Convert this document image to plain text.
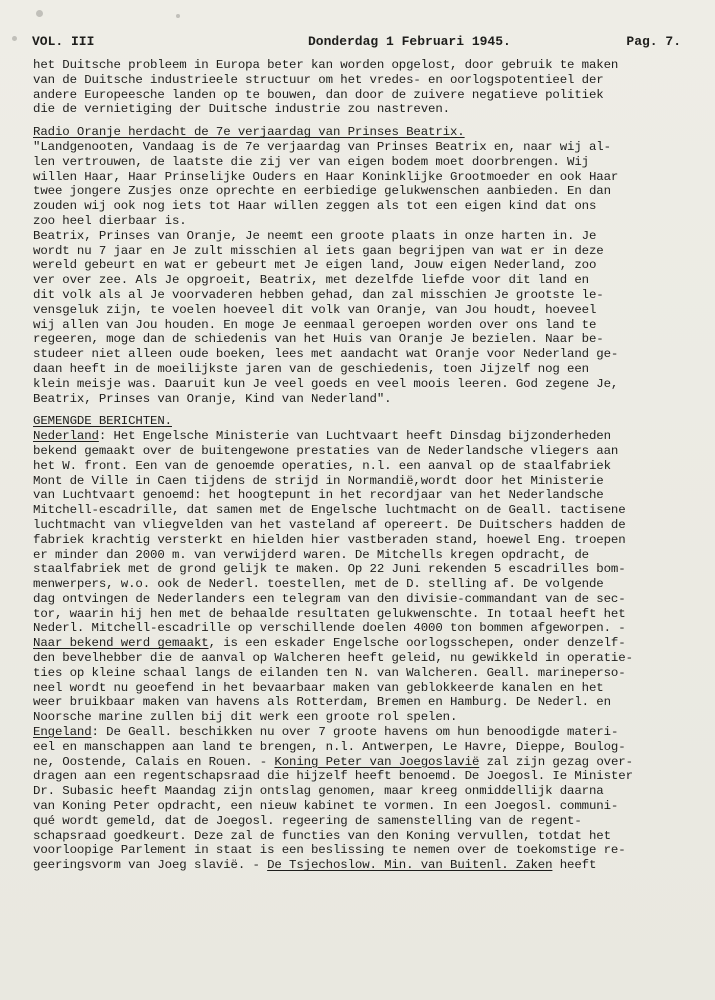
VOL. III	Donderdag 1 Februari 1945.	Pag. 7.
het Duitsche probleem in Europa beter kan worden opgelost, door gebruik te maken
van de Duitsche industrieele structuur om het vredes- en oorlogspotentieel der
andere Europeesche landen op te bouwen, dan door de zuivere negatieve politiek
die de vernietiging der Duitsche industrie zou nastreven.
Radio Oranje herdacht de 7e verjaardag van Prinses Beatrix.
"Landgenooten, Vandaag is de 7e verjaardag van Prinses Beatrix en, naar wij al-
len vertrouwen, de laatste die zij ver van eigen bodem moet doorbrengen. Wij
willen Haar, Haar Prinselijke Ouders en Haar Koninklijke Grootmoeder en ook Haar
twee jongere Zusjes onze oprechte en eerbiedige gelukwenschen aanbieden. En dan
zouden wij ook nog iets tot Haar willen zeggen als tot een eigen kind dat ons
zoo heel dierbaar is.
Beatrix, Prinses van Oranje, Je neemt een groote plaats in onze harten in. Je
wordt nu 7 jaar en Je zult misschien al iets gaan begrijpen van wat er in deze
wereld gebeurt en wat er gebeurt met Je eigen land, Jouw eigen Nederland, zoo
ver over zee. Als Je opgroeit, Beatrix, met dezelfde liefde voor dit land en
dit volk als al Je voorvaderen hebben gehad, dan zal misschien Je grootste le-
vensgeluk zijn, te voelen hoeveel dit volk van Oranje, van Jou houdt, hoeveel
wij allen van Jou houden. En moge Je eenmaal geroepen worden over ons land te
regeeren, moge dan de schiedenis van het Huis van Oranje Je bezielen. Naar be-
studeer niet alleen oude boeken, lees met aandacht wat Oranje voor Nederland ge-
daan heeft in de moeilijkste jaren van de geschiedenis, toen Jijzelf nog een
klein meisje was. Daaruit kun Je veel goeds en veel moois leeren. God zegene Je,
Beatrix, Prinses van Oranje, Kind van Nederland".
GEMENGDE BERICHTEN.
Nederland: Het Engelsche Ministerie van Luchtvaart heeft Dinsdag bijzonderheden
bekend gemaakt over de buitengewone prestaties van de Nederlandsche vliegers aan
het W. front. Een van de genoemde operaties, n.l. een aanval op de staalfabriek
Mont de Ville in Caen tijdens de strijd in Normandië,wordt door het Ministerie
van Luchtvaart genoemd: het hoogtepunt in het recordjaar van het Nederlandsche
Mitchell-escadrille, dat samen met de Engelsche luchtmacht on de Geall. tactisene
luchtmacht van vliegvelden van het vasteland af opereert. De Duitschers hadden de
fabriek krachtig versterkt en hielden hier vastberaden stand, hoewel Eng. troepen
er minder dan 2000 m. van verwijderd waren. De Mitchells kregen opdracht, de
staalfabriek met de grond gelijk te maken. Op 22 Juni rekenden 5 escadrilles bom-
menwerpers, w.o. ook de Nederl. toestellen, met de D. stelling af. De volgende
dag ontvingen de Nederlanders een telegram van den divisie-commandant van de sec-
tor, waarin hij hen met de behaalde resultaten gelukwenschte. In totaal heeft het
Nederl. Mitchell-escadrille op verschillende doelen 4000 ton bommen afgeworpen. -
Naar bekend werd gemaakt, is een eskader Engelsche oorlogsschepen, onder denzelf-
den bevelhebber die de aanval op Walcheren heeft geleid, nu gewikkeld in operatie-
ties op kleine schaal langs de eilanden ten N. van Walcheren. Geall. marineperso-
neel wordt nu geoefend in het bevaarbaar maken van geblokkeerde kanalen en het
weer bruikbaar maken van havens als Rotterdam, Bremen en Hamburg. De Nederl. en
Noorsche marine zullen bij dit werk een groote rol spelen.
Engeland: De Geall. beschikken nu over 7 groote havens om hun benoodigde materi-
eel en manschappen aan land te brengen, n.l. Antwerpen, Le Havre, Dieppe, Boulog-
ne, Oostende, Calais en Rouen. - Koning Peter van Joegoslavië zal zijn gezag over-
dragen aan een regentschapsraad die hijzelf heeft benoemd. De Joegosl. Ie Minister
Dr. Subasic heeft Maandag zijn ontslag genomen, maar kreeg onmiddellijk daarna
van Koning Peter opdracht, een nieuw kabinet te vormen. In een Joegosl. communi-
qué wordt gemeld, dat de Joegosl. regeering de samenstelling van de regent-
schapsraad goedkeurt. Deze zal de functies van den Koning vervullen, totdat het
voorloopige Parlement in staat is een beslissing te nemen over de toekomstige re-
geeringsvorm van Joeg slavië. - De Tsjechoslow. Min. van Buitenl. Zaken heeft
